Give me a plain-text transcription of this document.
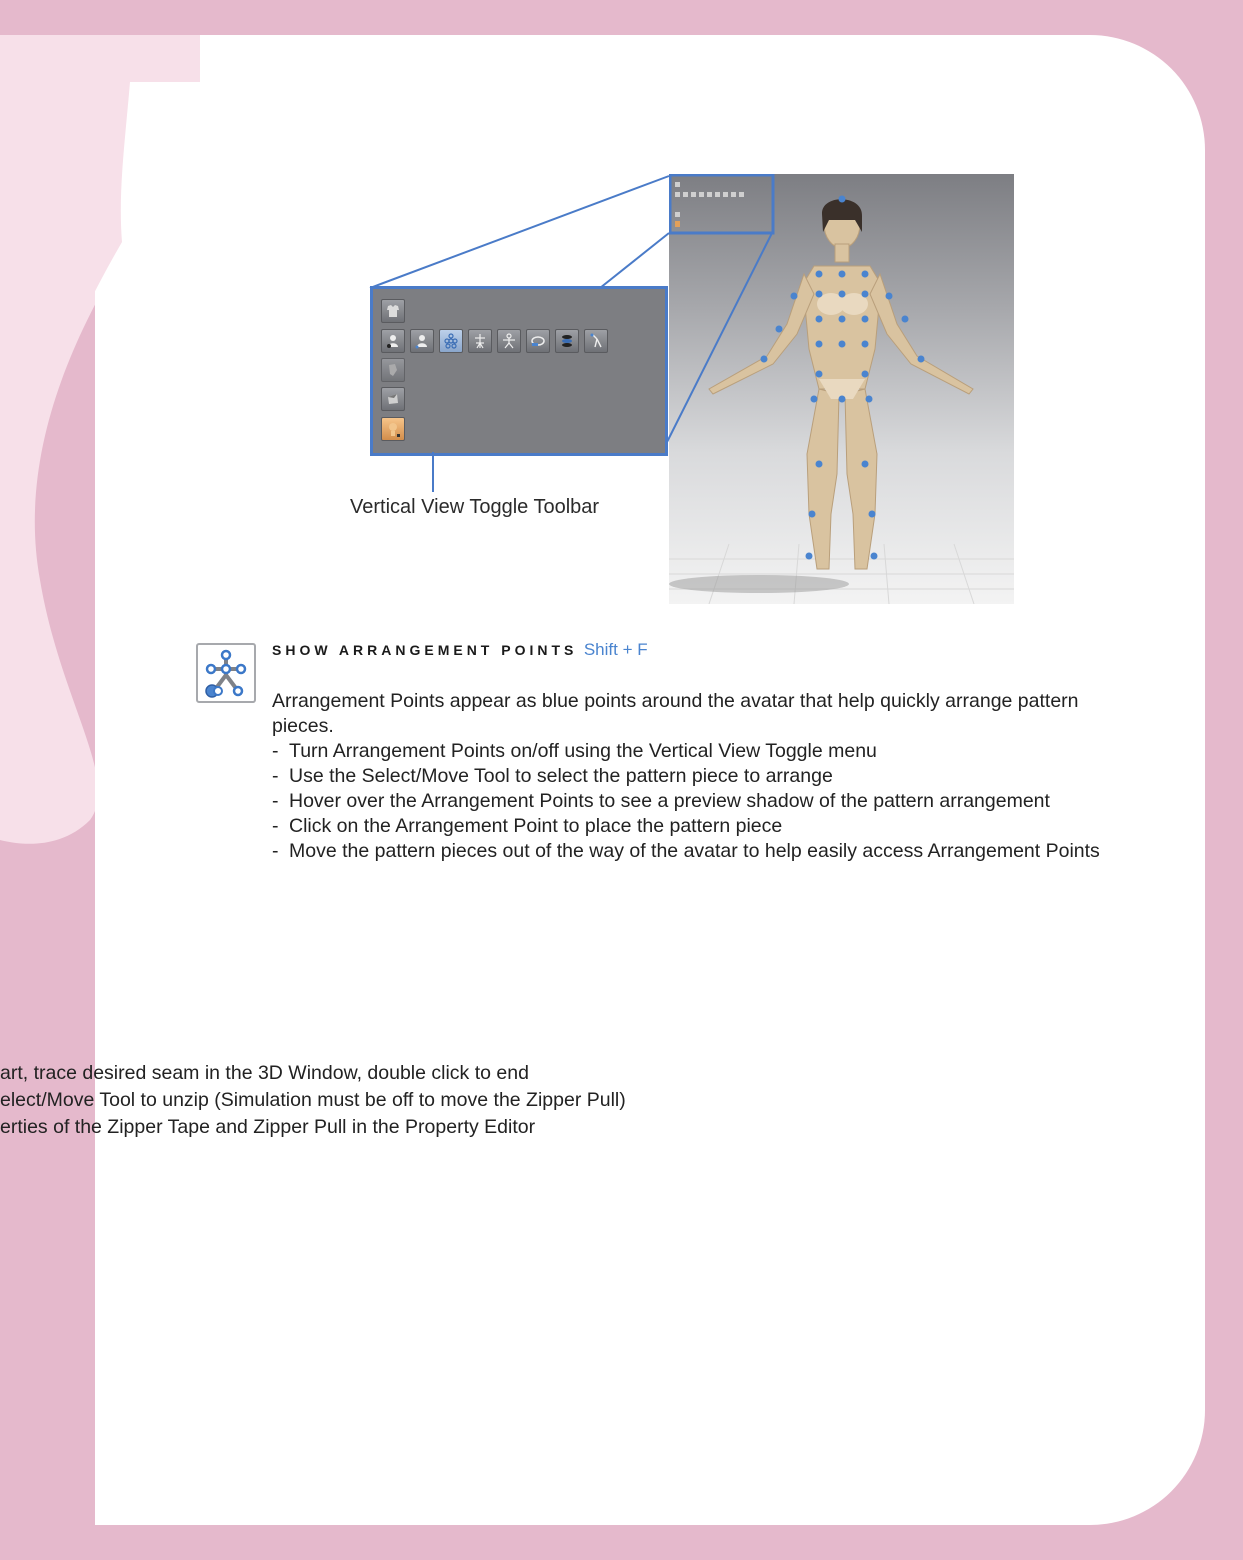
Vertical View Toggle Toolbar
SHOW ARRANGEMENT POINTS Shift + F

Arrangement Points appear as blue points around the avatar that help quickly arrange pattern pieces.

- Turn Arrangement Points on/off using the Vertical View Toggle menu
- Use the Select/Move Tool to select the pattern piece to arrange
- Hover over the Arrangement Points to see a preview shadow of the pattern arrangement
- Click on the Arrangement Point to place the pattern piece
- Move the pattern pieces out of the way of the avatar to help easily access Arrangement Points
art, trace desired seam in the 3D Window, double click to end
elect/Move Tool to unzip (Simulation must be off to move the Zipper Pull)
erties of the Zipper Tape and Zipper Pull in the Property Editor
